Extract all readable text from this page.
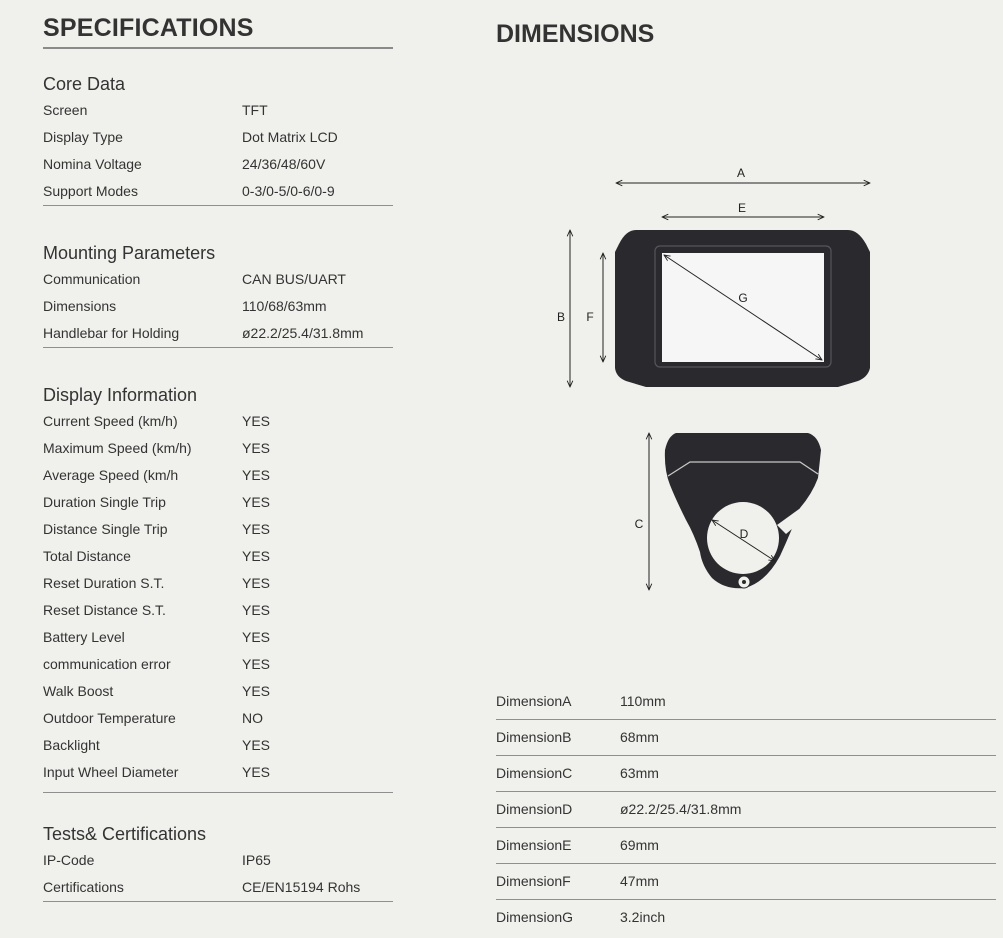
SPECIFICATIONS
Core Data
Screen	TFT
Display Type	Dot Matrix LCD
Nomina Voltage	24/36/48/60V
Support Modes	0-3/0-5/0-6/0-9
Mounting Parameters
Communication	CAN BUS/UART
Dimensions	110/68/63mm
Handlebar for Holding	ø22.2/25.4/31.8mm
Display Information
Current Speed (km/h)	YES
Maximum Speed (km/h)	YES
Average Speed (km/h	YES
Duration Single Trip	YES
Distance Single Trip	YES
Total Distance	YES
Reset Duration S.T.	YES
Reset Distance S.T.	YES
Battery Level	YES
communication error	YES
Walk Boost	YES
Outdoor Temperature	NO
Backlight	YES
Input Wheel Diameter	YES
Tests& Certifications
IP-Code	IP65
Certifications	CE/EN15194 Rohs
DIMENSIONS
A
E
B F
G
C
D
DimensionA	110mm
DimensionB	68mm
DimensionC	63mm
DimensionD	ø22.2/25.4/31.8mm
DimensionE	69mm
DimensionF	47mm
DimensionG	3.2inch
